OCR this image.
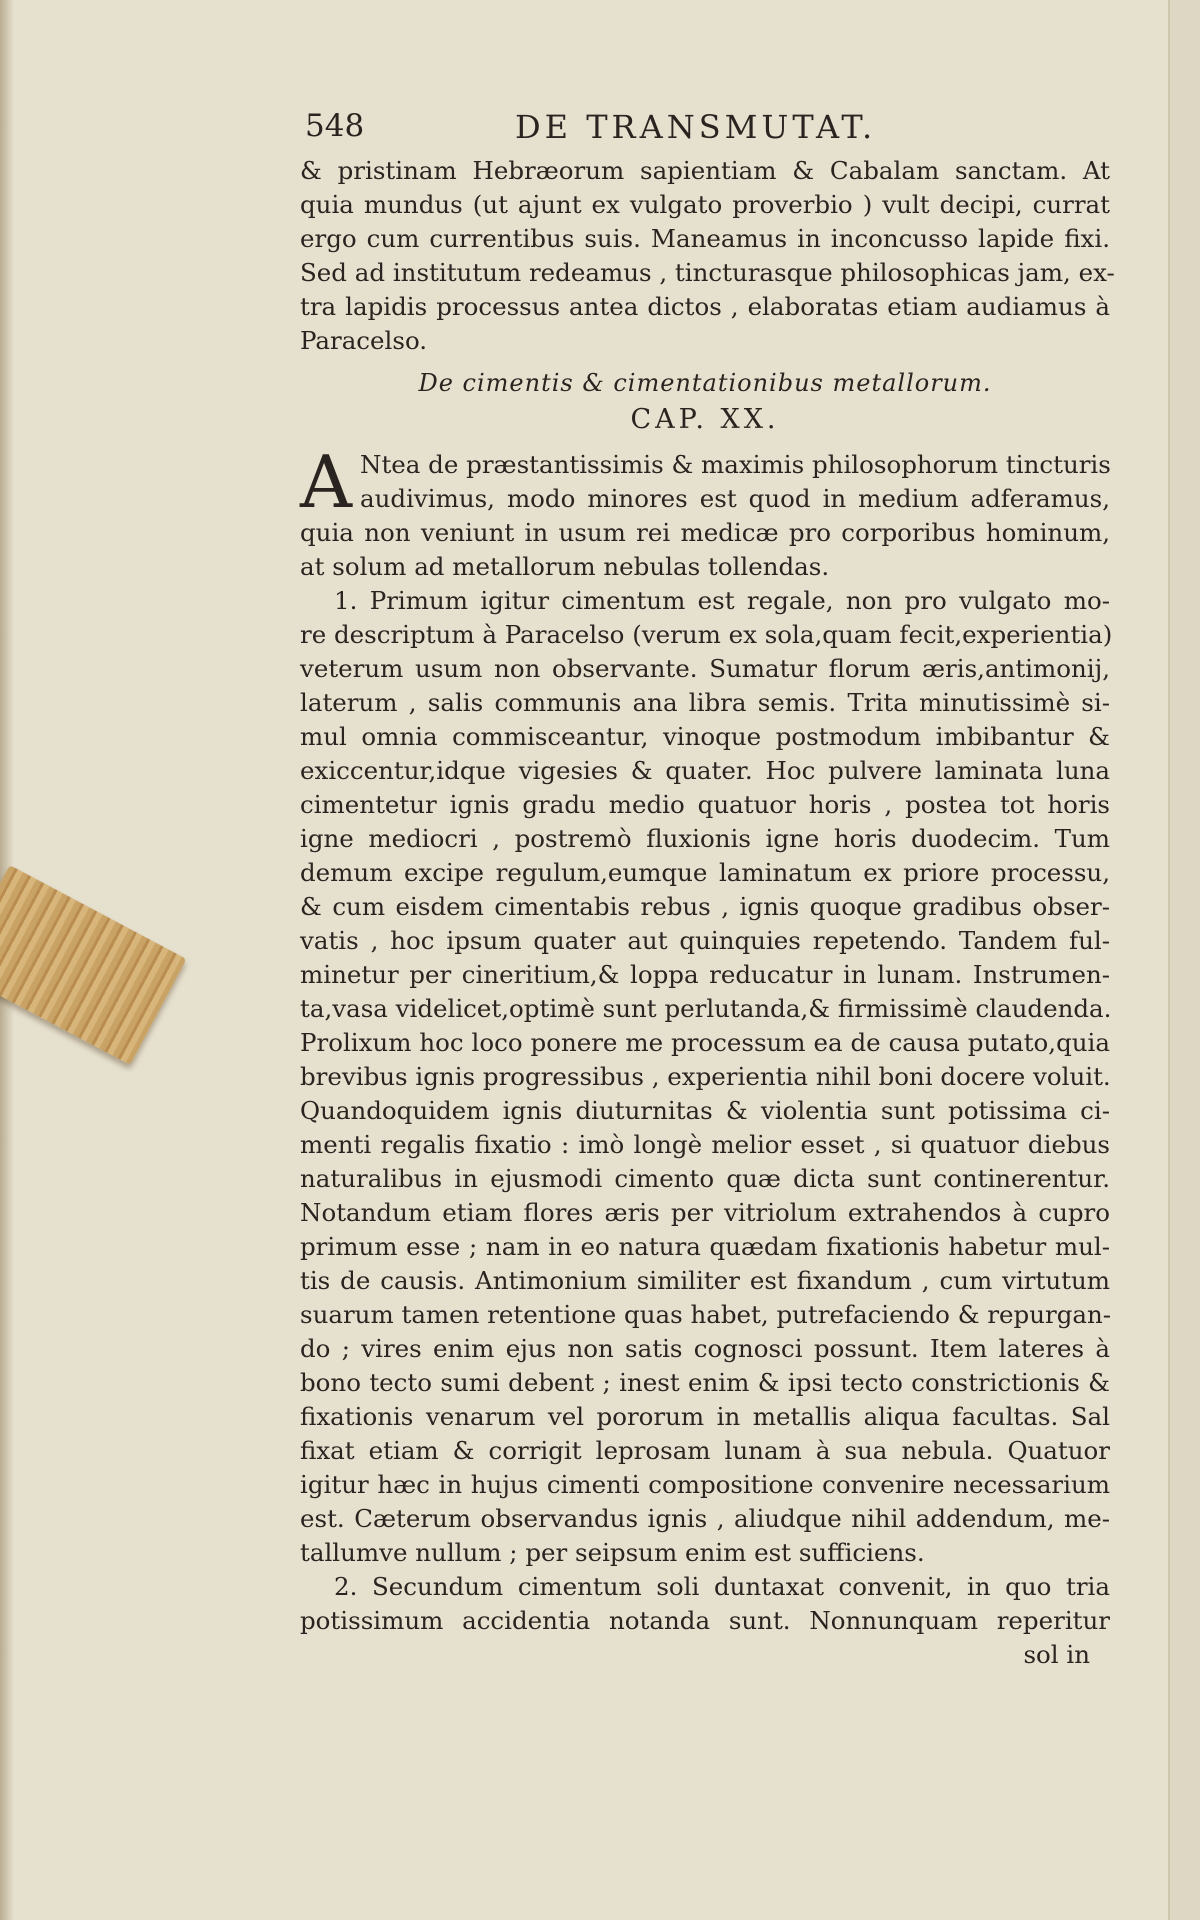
548	DE TRANSMUTAT.
& pristinam Hebræorum sapientiam & Cabalam sanctam. At
quia mundus (ut ajunt ex vulgato proverbio ) vult decipi, currat
ergo cum currentibus suis. Maneamus in inconcusso lapide fixi.
Sed ad institutum redeamus , tincturasque philosophicas jam, ex-
tra lapidis processus antea dictos , elaboratas etiam audiamus à
Paracelso.
De cimentis & cimentationibus metallorum.
CAP. XX.
A Ntea de præstantissimis & maximis philosophorum tincturis
audivimus, modo minores est quod in medium adferamus,
quia non veniunt in usum rei medicæ pro corporibus hominum,
at solum ad metallorum nebulas tollendas.
1. Primum igitur cimentum est regale, non pro vulgato mo-
re descriptum à Paracelso (verum ex sola,quam fecit,experientia)
veterum usum non observante. Sumatur florum æris,antimonij,
laterum , salis communis ana libra semis. Trita minutissimè si-
mul omnia commisceantur, vinoque postmodum imbibantur &
exiccentur,idque vigesies & quater. Hoc pulvere laminata luna
cimentetur ignis gradu medio quatuor horis , postea tot horis
igne mediocri , postremò fluxionis igne horis duodecim. Tum
demum excipe regulum,eumque laminatum ex priore processu,
& cum eisdem cimentabis rebus , ignis quoque gradibus obser-
vatis , hoc ipsum quater aut quinquies repetendo. Tandem ful-
minetur per cineritium,& loppa reducatur in lunam. Instrumen-
ta,vasa videlicet,optimè sunt perlutanda,& firmissimè claudenda.
Prolixum hoc loco ponere me processum ea de causa putato,quia
brevibus ignis progressibus , experientia nihil boni docere voluit.
Quandoquidem ignis diuturnitas & violentia sunt potissima ci-
menti regalis fixatio : imò longè melior esset , si quatuor diebus
naturalibus in ejusmodi cimento quæ dicta sunt continerentur.
Notandum etiam flores æris per vitriolum extrahendos à cupro
primum esse ; nam in eo natura quædam fixationis habetur mul-
tis de causis. Antimonium similiter est fixandum , cum virtutum
suarum tamen retentione quas habet, putrefaciendo & repurgan-
do ; vires enim ejus non satis cognosci possunt. Item lateres à
bono tecto sumi debent ; inest enim & ipsi tecto constrictionis &
fixationis venarum vel pororum in metallis aliqua facultas. Sal
fixat etiam & corrigit leprosam lunam à sua nebula. Quatuor
igitur hæc in hujus cimenti compositione convenire necessarium
est. Cæterum observandus ignis , aliudque nihil addendum, me-
tallumve nullum ; per seipsum enim est sufficiens.
2. Secundum cimentum soli duntaxat convenit, in quo tria
potissimum accidentia notanda sunt. Nonnunquam reperitur
sol in
